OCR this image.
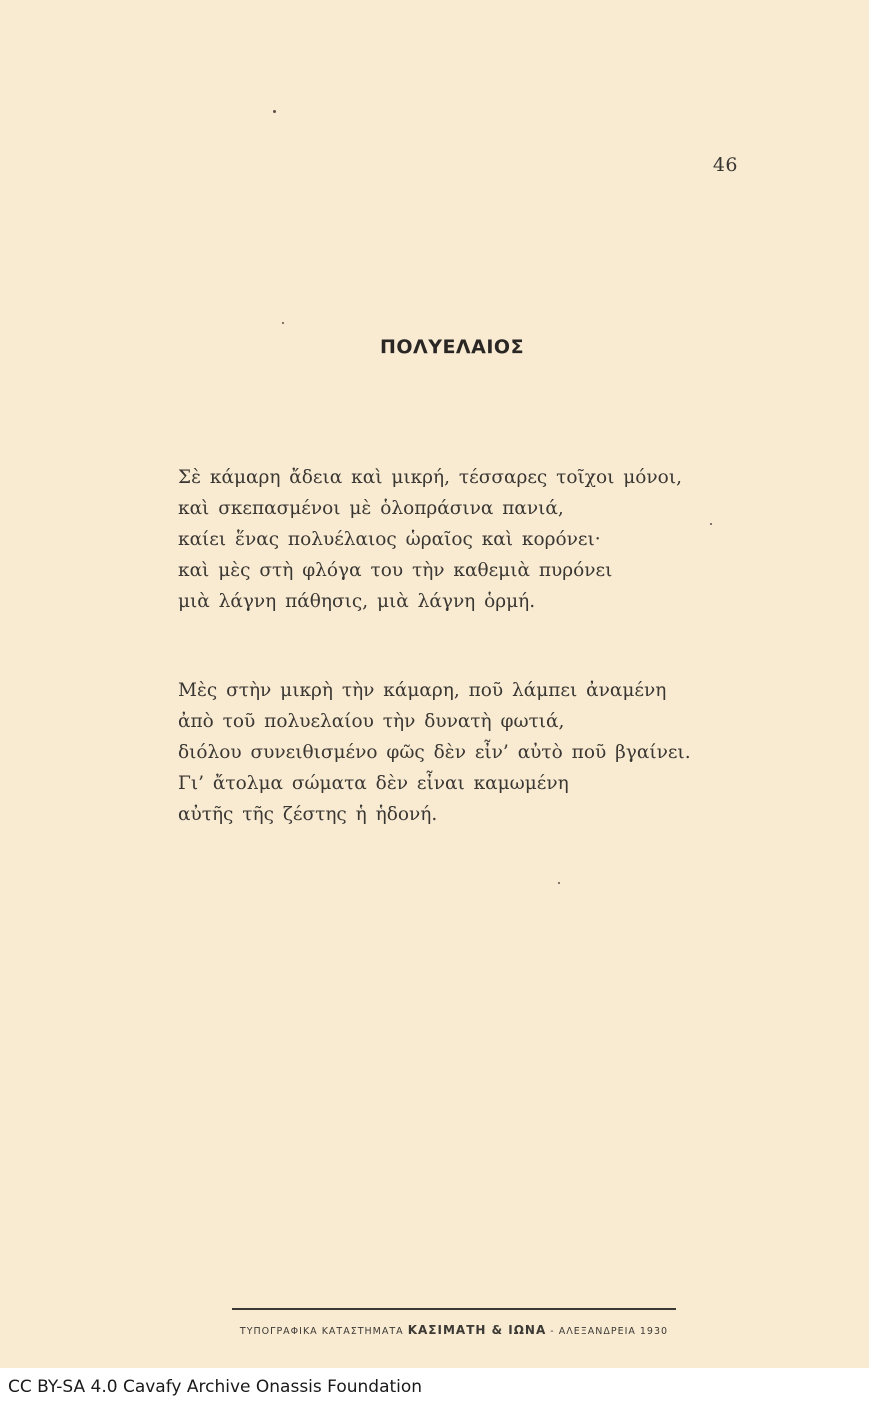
46
ΠΟΛΥΕΛΑΙΟΣ
Σὲ κάμαρη ἄδεια καὶ μικρή, τέσσαρες τοῖχοι μόνοι,
καὶ σκεπασμένοι μὲ ὁλοπράσινα πανιά,
καίει ἕνας πολυέλαιος ὡραῖος καὶ κορόνει·
καὶ μὲς στὴ φλόγα του τὴν καθεμιὰ πυρόνει
μιὰ λάγνη πάθησις, μιὰ λάγνη ὁρμή.
Μὲς στὴν μικρὴ τὴν κάμαρη, ποῦ λάμπει ἀναμένη
ἀπὸ τοῦ πολυελαίου τὴν δυνατὴ φωτιά,
διόλου συνειθισμένο φῶς δὲν εἶν’ αὐτὸ ποῦ βγαίνει.
Γι’ ἄτολμα σώματα δὲν εἶναι καμωμένη
αὐτῆς τῆς ζέστης ἡ ἡδονή.
ΤΥΠΟΓΡΑΦΙΚΑ ΚΑΤΑΣΤΗΜΑΤΑ ΚΑΣΙΜΑΤΗ & ΙΩΝΑ - ΑΛΕΞΑΝΔΡΕΙΑ 1930
CC BY-SA 4.0 Cavafy Archive Onassis Foundation
